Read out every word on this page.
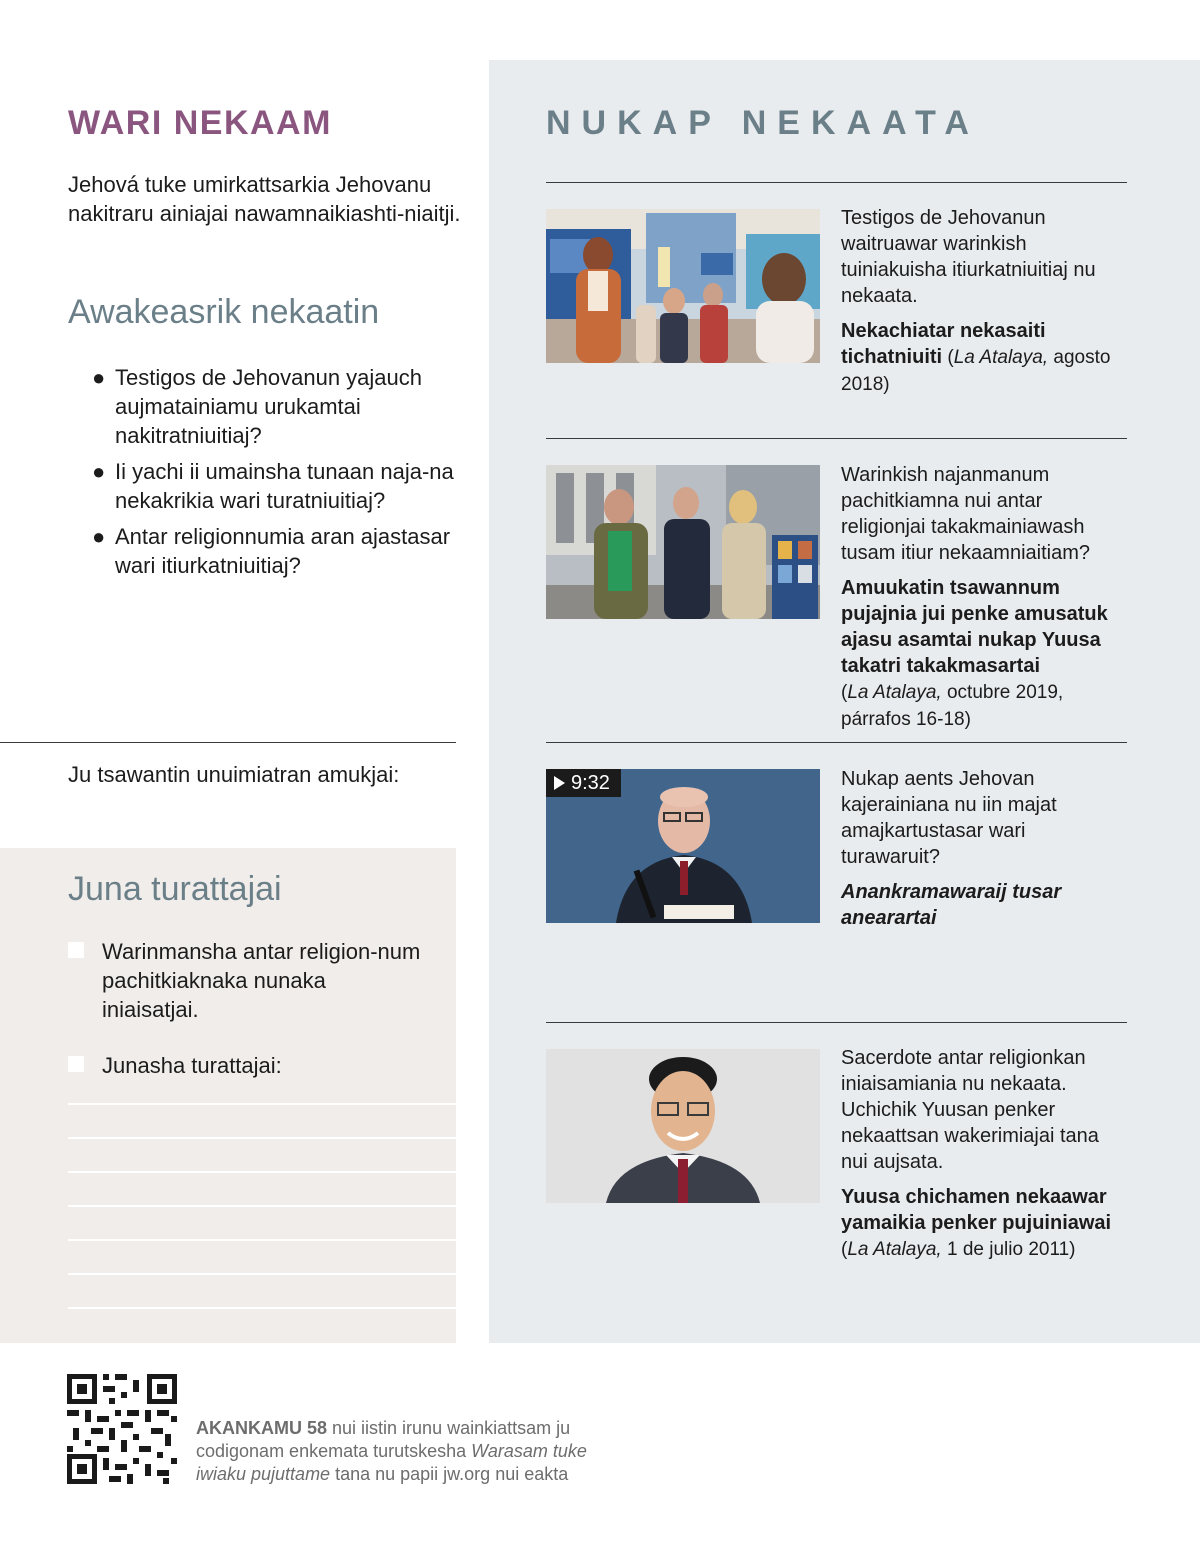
WARI NEKAAM

Jehová tuke umirkattsarkia Jehovanu nakitraru ainiajai nawamnaikiashti-niaitji.

Awakeasrik nekaatin
● Testigos de Jehovanun yajauch aujmatainiamu urukamtai nakitratniuitiaj?
● Ii yachi ii umainsha tunaan naja-na nekakrikia wari turatniuitiaj?
● Antar religionnumia aran ajastasar wari itiurkatniuitiaj?

Ju tsawantin unuimiatran amukjai:

Juna turattajai
Warinmansha antar religion-num pachitkiaknaka nunaka iniaisatjai.
Junasha turattajai:
NUKAP NEKAATA

Testigos de Jehovanun waitruawar warinkish tuiniakuisha itiurkatniuitiaj nu nekaata.

Nekachiatar nekasaiti tichatniuiti (La Atalaya, agosto 2018)

Warinkish najanmanum pachitkiamna nui antar religionjai takakmainiawash tusam itiur nekaamniaitiam?

Amuukatin tsawannum pujajnia jui penke amusatuk ajasu asamtai nukap Yuusa takatri takakmasartai
(La Atalaya, octubre 2019, párrafos 16-18)

9:32	Nukap aents Jehovan kajerainiana nu iin majat amajkartustasar wari turawaruit?

Anankramawaraij tusar anearartai

Sacerdote antar religionkan iniaisamiania nu nekaata. Uchichik Yuusan penker nekaattsan wakerimiajai tana nui aujsata.

Yuusa chichamen nekaawar yamaikia penker pujuiniawai
(La Atalaya, 1 de julio 2011)

AKANKAMU 58 nui iistin irunu wainkiattsam ju codigonam enkemata turutskesha Warasam tuke iwiaku pujuttame tana nu papii jw.org nui eakta
